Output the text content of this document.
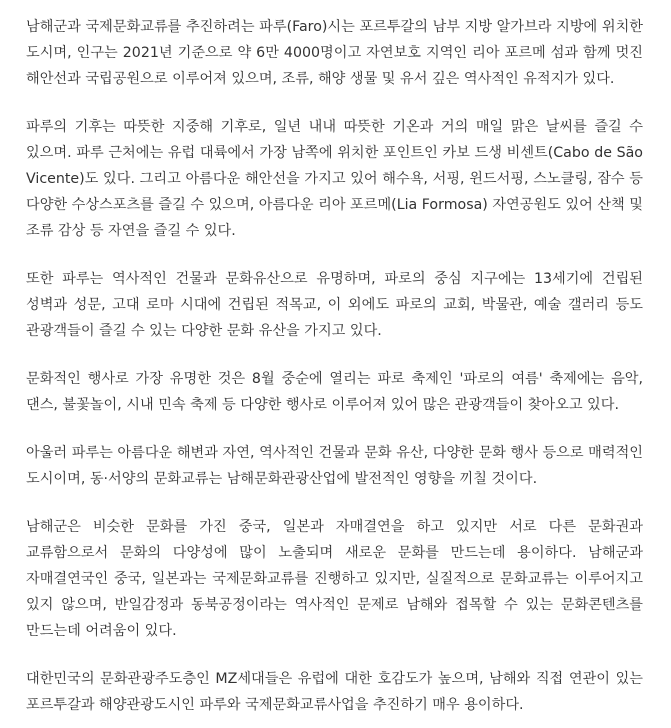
남해군과 국제문화교류를 추진하려는 파루(Faro)시는 포르투갈의 남부 지방 알가브라 지방에 위치한 도시며, 인구는 2021년 기준으로 약 6만 4000명이고 자연보호 지역인 리아 포르메 섬과 함께 멋진 해안선과 국립공원으로 이루어져 있으며, 조류, 해양 생물 및 유서 깊은 역사적인 유적지가 있다.

파루의 기후는 따뜻한 지중해 기후로, 일년 내내 따뜻한 기온과 거의 매일 맑은 날씨를 즐길 수 있으며. 파루 근처에는 유럽 대륙에서 가장 남쪽에 위치한 포인트인 카보 드생 비센트(Cabo de São Vicente)도 있다. 그리고 아름다운 해안선을 가지고 있어 해수욕, 서핑, 윈드서핑, 스노클링, 잠수 등 다양한 수상스포츠를 즐길 수 있으며, 아름다운 리아 포르메(Lia Formosa) 자연공원도 있어 산책 및 조류 감상 등 자연을 즐길 수 있다.

또한 파루는 역사적인 건물과 문화유산으로 유명하며, 파로의 중심 지구에는 13세기에 건립된 성벽과 성문, 고대 로마 시대에 건립된 적목교, 이 외에도 파로의 교회, 박물관, 예술 갤러리 등도 관광객들이 즐길 수 있는 다양한 문화 유산을 가지고 있다.

문화적인 행사로 가장 유명한 것은 8월 중순에 열리는 파로 축제인 '파로의 여름' 축제에는 음악, 댄스, 불꽃놀이, 시내 민속 축제 등 다양한 행사로 이루어져 있어 많은 관광객들이 찾아오고 있다.

아울러 파루는 아름다운 해변과 자연, 역사적인 건물과 문화 유산, 다양한 문화 행사 등으로 매력적인 도시이며, 동·서양의 문화교류는 남해문화관광산업에 발전적인 영향을 끼칠 것이다.

남해군은 비슷한 문화를 가진 중국, 일본과 자매결연을 하고 있지만 서로 다른 문화권과 교류함으로서 문화의 다양성에 많이 노출되며 새로운 문화를 만드는데 용이하다. 남해군과 자매결연국인 중국, 일본과는 국제문화교류를 진행하고 있지만, 실질적으로 문화교류는 이루어지고 있지 않으며, 반일감정과 동북공정이라는 역사적인 문제로 남해와 접목할 수 있는 문화콘텐츠를 만드는데 어려움이 있다.

대한민국의 문화관광주도층인 MZ세대들은 유럽에 대한 호감도가 높으며, 남해와 직접 연관이 있는 포르투갈과 해양관광도시인 파루와 국제문화교류사업을 추진하기 매우 용이하다.
